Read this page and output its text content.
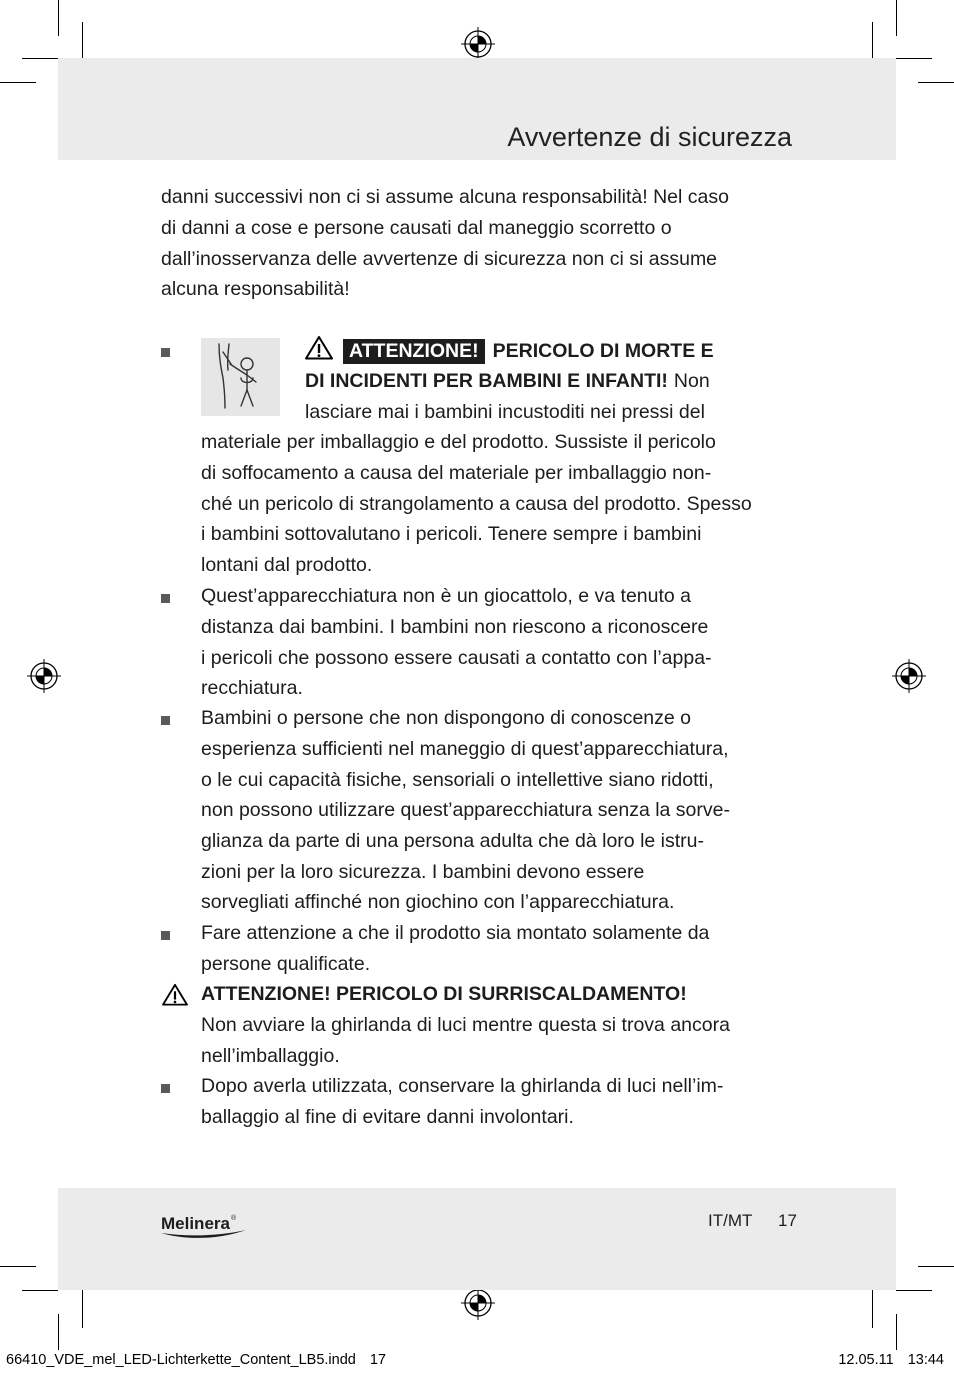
Avvertenze di sicurezza
danni successivi non ci si assume alcuna responsabilità! Nel caso
di danni a cose e persone causati dal maneggio scorretto o
dall’inosservanza delle avvertenze di sicurezza non ci si assume
alcuna responsabilità!
ATTENZIONE! PERICOLO DI MORTE E
DI INCIDENTI PER BAMBINI E INFANTI! Non
lasciare mai i bambini incustoditi nei pressi del
materiale per imballaggio e del prodotto. Sussiste il pericolo
di soffocamento a causa del materiale per imballaggio non-
ché un pericolo di strangolamento a causa del prodotto. Spesso
i bambini sottovalutano i pericoli. Tenere sempre i bambini
lontani dal prodotto.
Quest’apparecchiatura non è un giocattolo, e va tenuto a
distanza dai bambini. I bambini non riescono a riconoscere
i pericoli che possono essere causati a contatto con l’appa-
recchiatura.
Bambini o persone che non dispongono di conoscenze o
esperienza sufficienti nel maneggio di quest’apparecchiatura,
o le cui capacità fisiche, sensoriali o intellettive siano ridotti,
non possono utilizzare quest’apparecchiatura senza la sorve-
glianza da parte di una persona adulta che dà loro le istru-
zioni per la loro sicurezza. I bambini devono essere
sorvegliati affinché non giochino con l’apparecchiatura.
Fare attenzione a che il prodotto sia montato solamente da
persone qualificate.
ATTENZIONE! PERICOLO DI SURRISCALDAMENTO!
Non avviare la ghirlanda di luci mentre questa si trova ancora
nell’imballaggio.
Dopo averla utilizzata, conservare la ghirlanda di luci nell’im-
ballaggio al fine di evitare danni involontari.
Melinera®	IT/MT 17
66410_VDE_mel_LED-Lichterkette_Content_LB5.indd 17	12.05.11 13:44
